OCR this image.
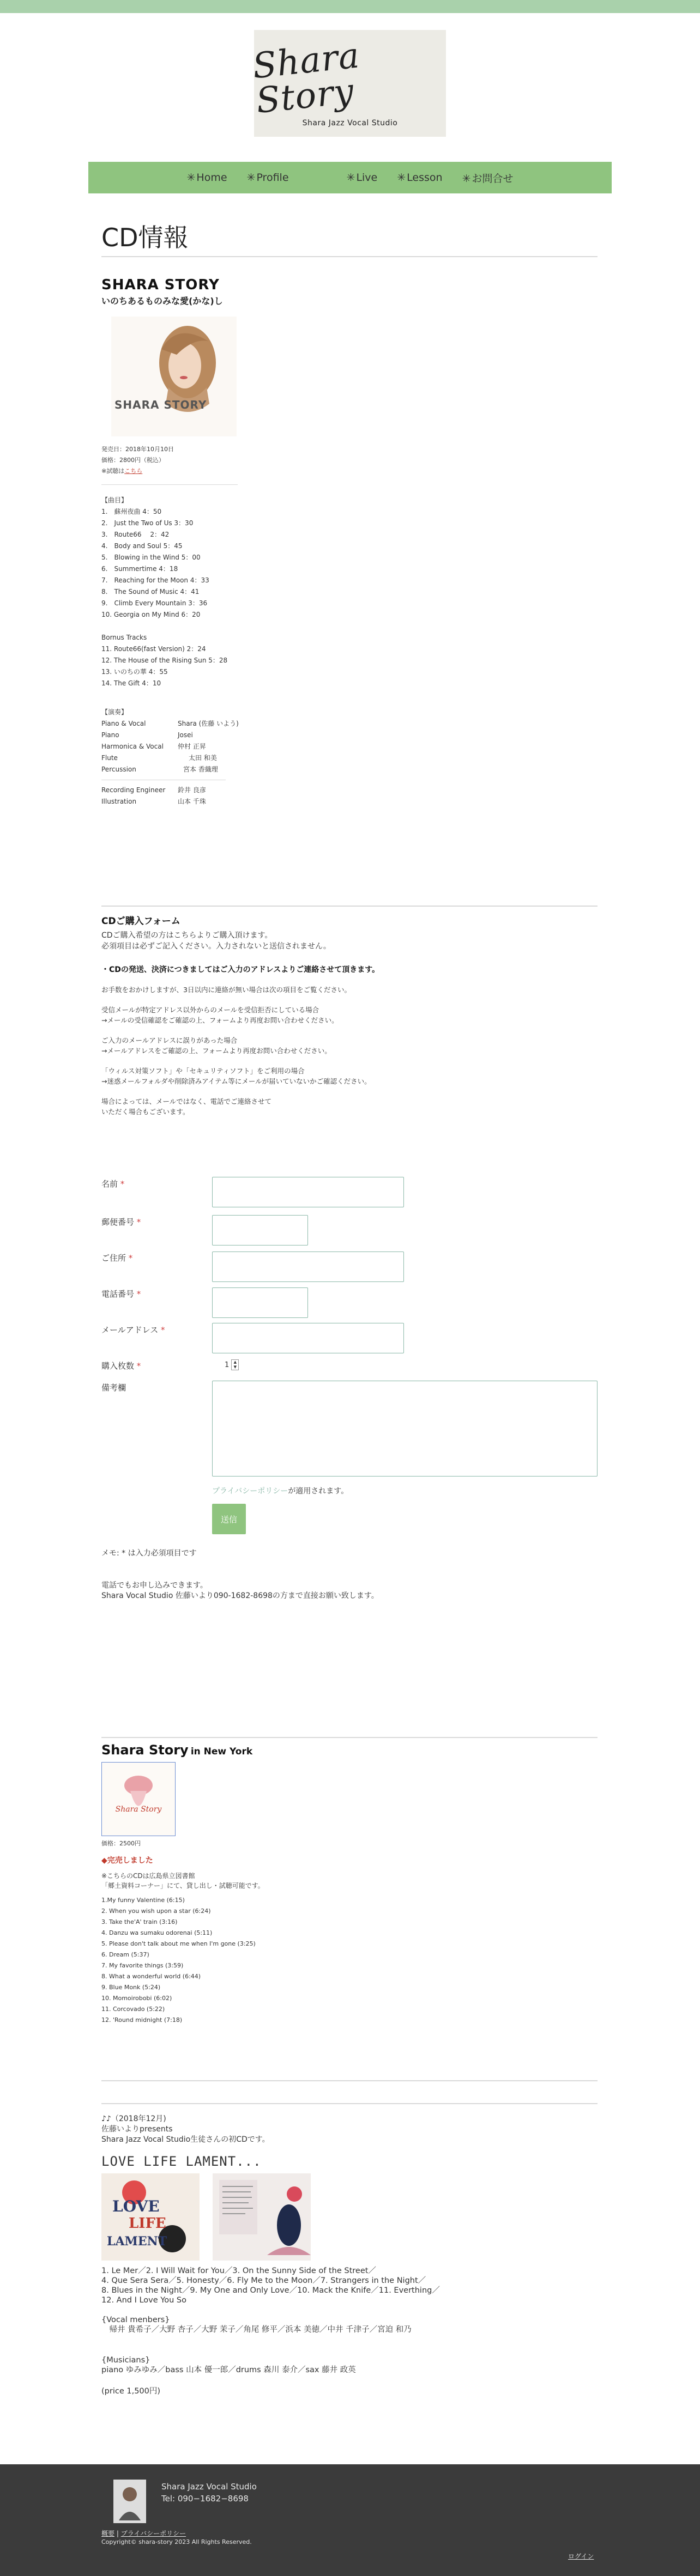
Shara Story
Shara Jazz Vocal Studio
✳ Home ✳ Profile	✳ Live ✳ Lesson ✳ お問合せ
CD情報
SHARA STORY
いのちあるものみな愛(かな)し
SHARA STORY
発売日：2018年10月10日
価格：2800円（税込）
※試聴はこちら
【曲目】
1.　蘇州夜曲 4：50
2.　Just the Two of Us 3：30
3.　Route66　 2：42
4.　Body and Soul 5：45
5.　Blowing in the Wind 5：00
6.　Summertime 4：18
7.　Reaching for the Moon 4：33
8.　The Sound of Music 4：41
9.　Climb Every Mountain 3：36
10. Georgia on My Mind 6：20
Bornus Tracks
11. Route66(fast Version) 2：24
12. The House of the Rising Sun 5：28
13. いのちの華 4：55
14. The Gift 4：10
【演奏】
Piano & Vocal	Shara (佐藤 いよう)
Piano	Josei
Harmonica & Vocal	仲村 正昇
Flute	太田 和美
Percussion	宮本 香織理
Recording Engineer	鈴井 良彦
Illustration	山本 千珠
CDご購入フォーム
CDご購入希望の方はこちらよりご購入頂けます。
必須項目は必ずご記入ください。入力されないと送信されません。
・CDの発送、決済につきましてはご入力のアドレスよりご連絡させて頂きます。
お手数をおかけしますが、3日以内に連絡が無い場合は次の項目をご覧ください。
受信メールが特定アドレス以外からのメールを受信拒否にしている場合
→メールの受信確認をご確認の上、フォームより再度お問い合わせください。
ご入力のメールアドレスに誤りがあった場合
→メールアドレスをご確認の上、フォームより再度お問い合わせください。
「ウィルス対策ソフト」や「セキュリティソフト」をご利用の場合
→迷惑メールフォルダや削除済みアイテム等にメールが届いていないかご確認ください。
場合によっては、メールではなく、電話でご連絡させて
いただく場合もございます。
名前 *
郵便番号 *
ご住所 *
電話番号 *
メールアドレス *
購入枚数 *	1	▲
▼
備考欄
プライバシーポリシーが適用されます。
送信
メモ: * は入力必須項目です
電話でもお申し込みできます。
Shara Vocal Studio 佐藤いより090-1682-8698の方まで直接お願い致します。
Shara Story in New York
Shara Story
価格：2500円
◆完売しました
※こちらのCDは広島県立図書館
「郷土資料コーナー」にて、貸し出し・試聴可能です。
1.My funny Valentine (6:15)
2. When you wish upon a star (6:24)
3. Take the'A' train (3:16)
4. Danzu wa sumaku odorenai (5:11)
5. Please don't talk about me when I'm gone (3:25)
6. Dream (5:37)
7. My favorite things (3:59)
8. What a wonderful world (6:44)
9. Blue Monk (5:24)
10. Momoirobobi (6:02)
11. Corcovado (5:22)
12. 'Round midnight (7:18)
♪♪（2018年12月)
佐藤いよりpresents
Shara Jazz Vocal Studio生徒さんの初CDです。
LOVE LIFE LAMENT...
LOVE
LIFE
LAMENT
1. Le Mer／2. I Will Wait for You／3. On the Sunny Side of the Street／
4. Que Sera Sera／5. Honesty／6. Fly Me to the Moon／7. Strangers in the Night／
8. Blues in the Night／9. My One and Only Love／10. Mack the Knife／11. Everthing／
12. And I Love You So
{Vocal menbers}
　帰井 貴希子／大野 杏子／大野 茉子／角尾 修平／浜本 美徳／中井 千津子／宮迫 和乃
{Musicians}
piano ゆみゆみ／bass 山本 優一郎／drums 森川 泰介／sax 藤井 政英
(price 1,500円)
Shara Jazz Vocal Studio
Tel: 090−1682−8698
概要 | プライバシーポリシー
Copyright© shara-story 2023 All Rights Reserved.
ログイン
